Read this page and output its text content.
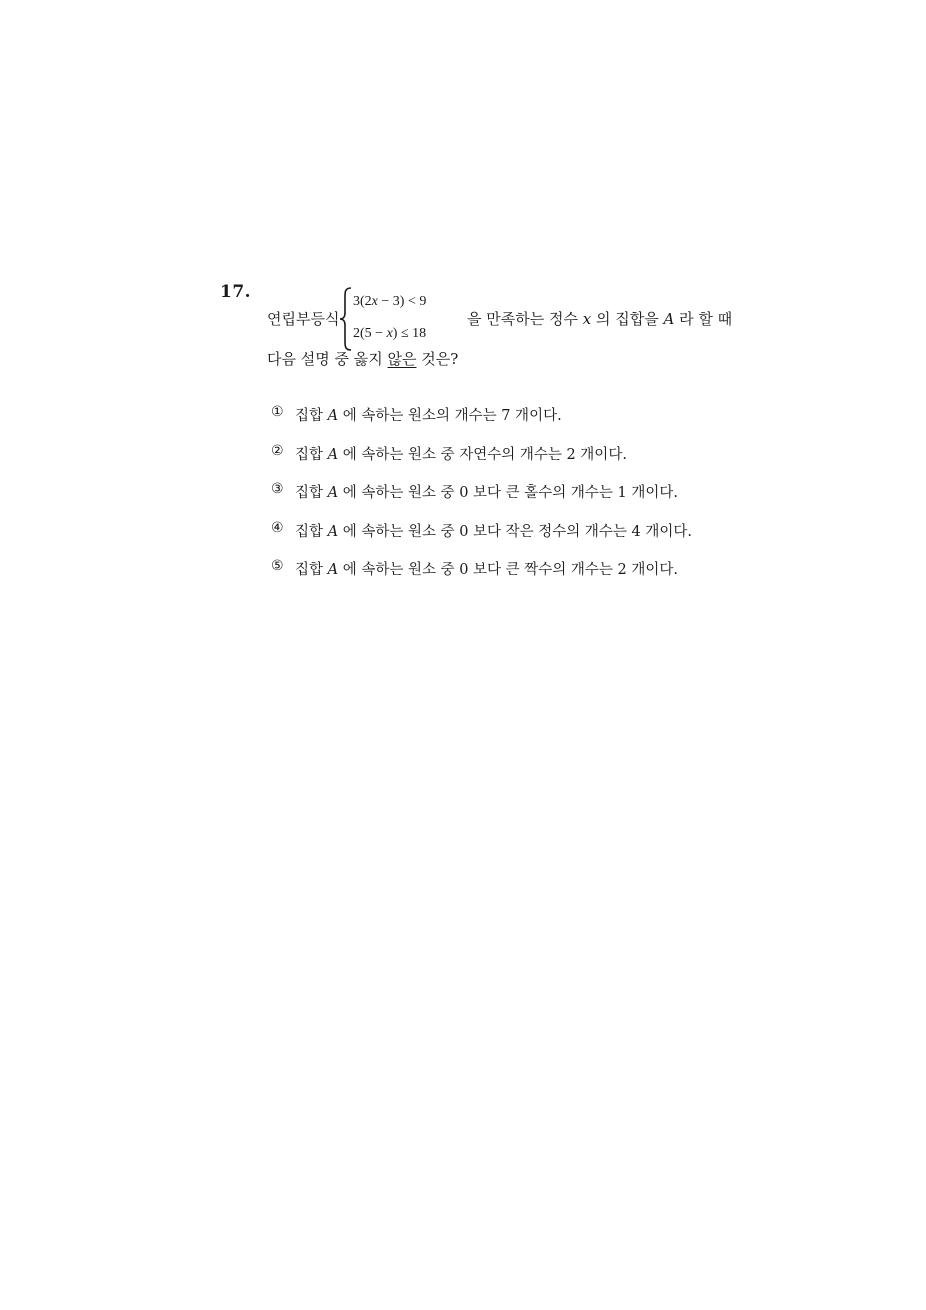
17.
연립부등식
3(2x − 3) < 9
2(5 − x) ≤ 18
을 만족하는 정수 x 의 집합을 A 라 할 때
다음 설명 중 옳지 않은 것은?
① 집합 A 에 속하는 원소의 개수는 7 개이다.
② 집합 A 에 속하는 원소 중 자연수의 개수는 2 개이다.
③ 집합 A 에 속하는 원소 중 0 보다 큰 홀수의 개수는 1 개이다.
④ 집합 A 에 속하는 원소 중 0 보다 작은 정수의 개수는 4 개이다.
⑤ 집합 A 에 속하는 원소 중 0 보다 큰 짝수의 개수는 2 개이다.
